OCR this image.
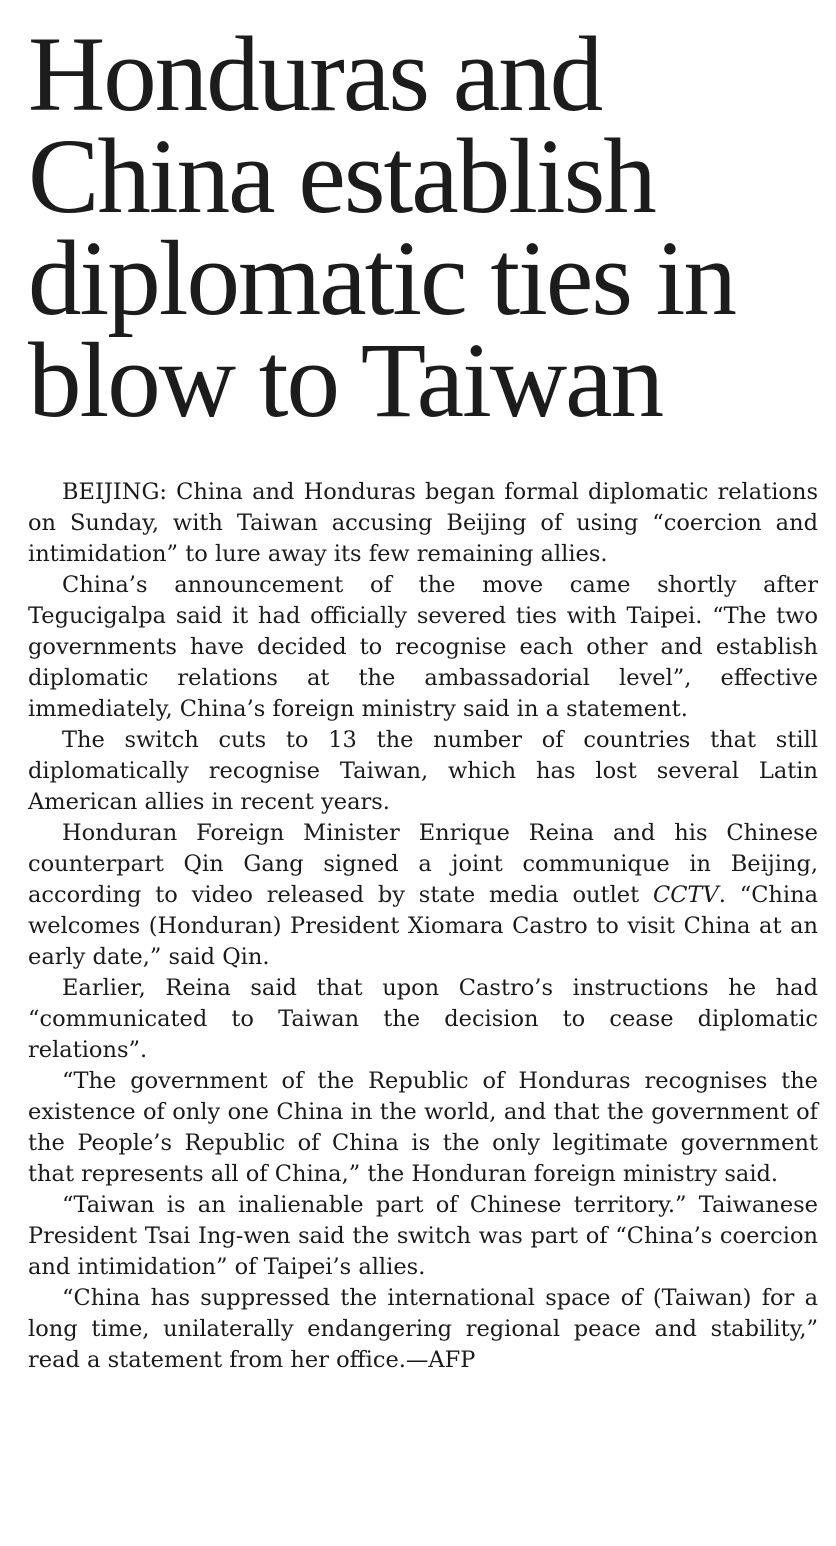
Honduras and
China establish
diplomatic ties in
blow to Taiwan

BEIJING: China and Honduras began formal diplomatic relations on Sunday, with Taiwan accusing Beijing of using “coercion and intimidation” to lure away its few remaining allies.

China’s announcement of the move came shortly after Tegucigalpa said it had officially severed ties with Taipei. “The two governments have decided to recognise each other and establish diplomatic relations at the ambassadorial level”, effective immediately, China’s foreign ministry said in a statement.

The switch cuts to 13 the number of countries that still diplomatically recognise Taiwan, which has lost several Latin American allies in recent years.

Honduran Foreign Minister Enrique Reina and his Chinese counterpart Qin Gang signed a joint communique in Beijing, according to video released by state media outlet CCTV. “China welcomes (Honduran) President Xiomara Castro to visit China at an early date,” said Qin.

Earlier, Reina said that upon Castro’s instructions he had “communicated to Taiwan the decision to cease diplomatic relations”.

“The government of the Republic of Honduras recognises the existence of only one China in the world, and that the government of the People’s Republic of China is the only legitimate government that represents all of China,” the Honduran foreign ministry said.

“Taiwan is an inalienable part of Chinese territory.” Taiwanese President Tsai Ing-wen said the switch was part of “China’s coercion and intimidation” of Taipei’s allies.

“China has suppressed the international space of (Taiwan) for a long time, unilaterally endangering regional peace and stability,” read a statement from her office.—AFP
